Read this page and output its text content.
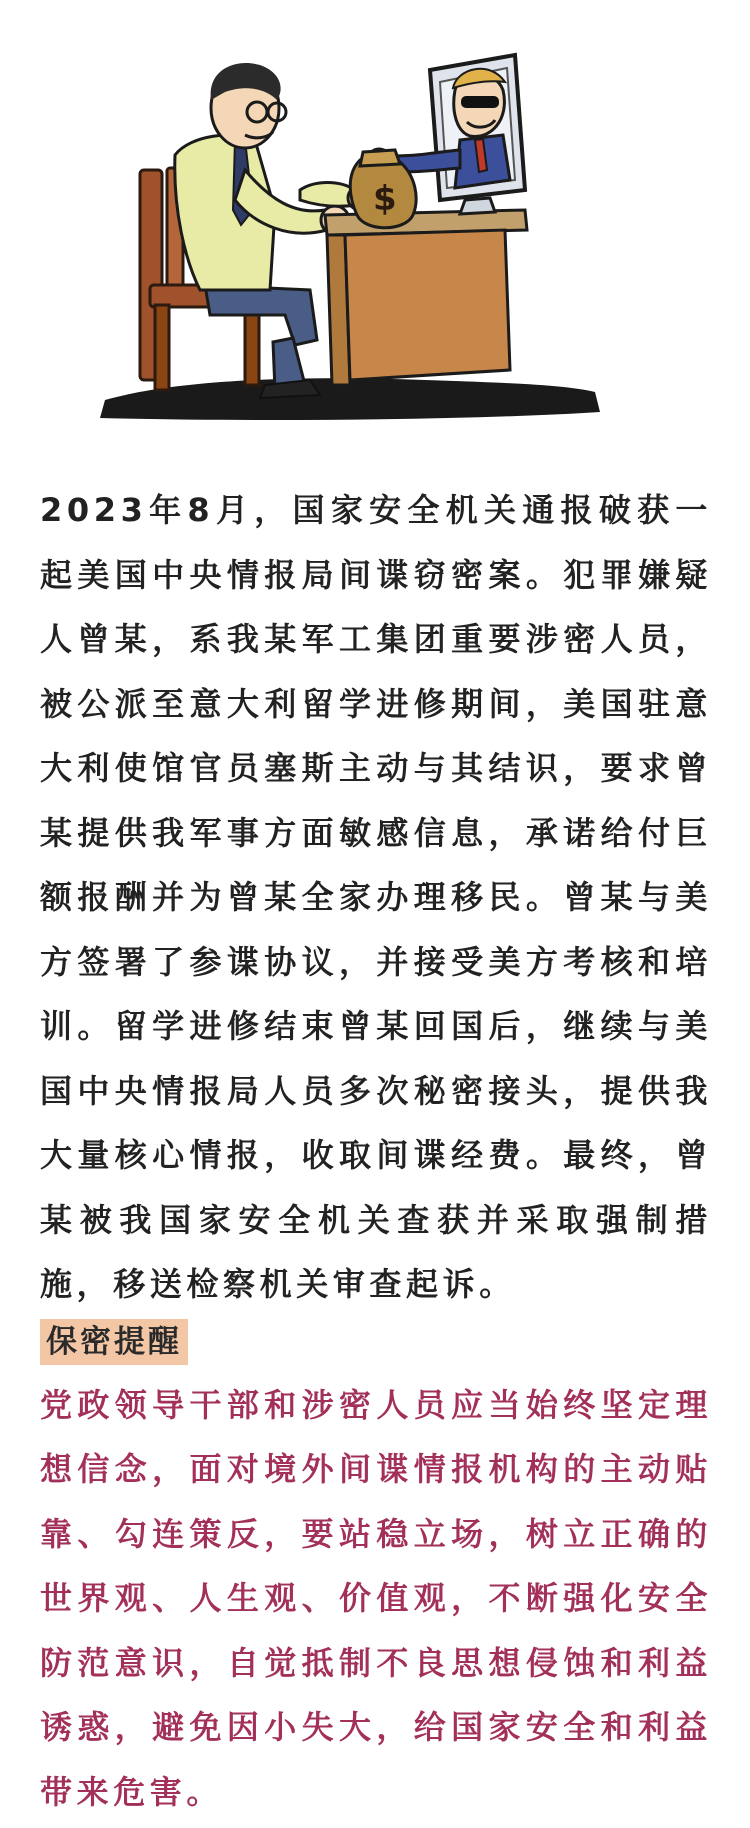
$

2023年8月，国家安全机关通报破获一起美国中央情报局间谍窃密案。犯罪嫌疑人曾某，系我某军工集团重要涉密人员，被公派至意大利留学进修期间，美国驻意大利使馆官员塞斯主动与其结识，要求曾某提供我军事方面敏感信息，承诺给付巨额报酬并为曾某全家办理移民。曾某与美方签署了参谍协议，并接受美方考核和培训。留学进修结束曾某回国后，继续与美国中央情报局人员多次秘密接头，提供我大量核心情报，收取间谍经费。最终，曾某被我国家安全机关查获并采取强制措施，移送检察机关审查起诉。

保密提醒

党政领导干部和涉密人员应当始终坚定理想信念，面对境外间谍情报机构的主动贴靠、勾连策反，要站稳立场，树立正确的世界观、人生观、价值观，不断强化安全防范意识，自觉抵制不良思想侵蚀和利益诱惑，避免因小失大，给国家安全和利益带来危害。
